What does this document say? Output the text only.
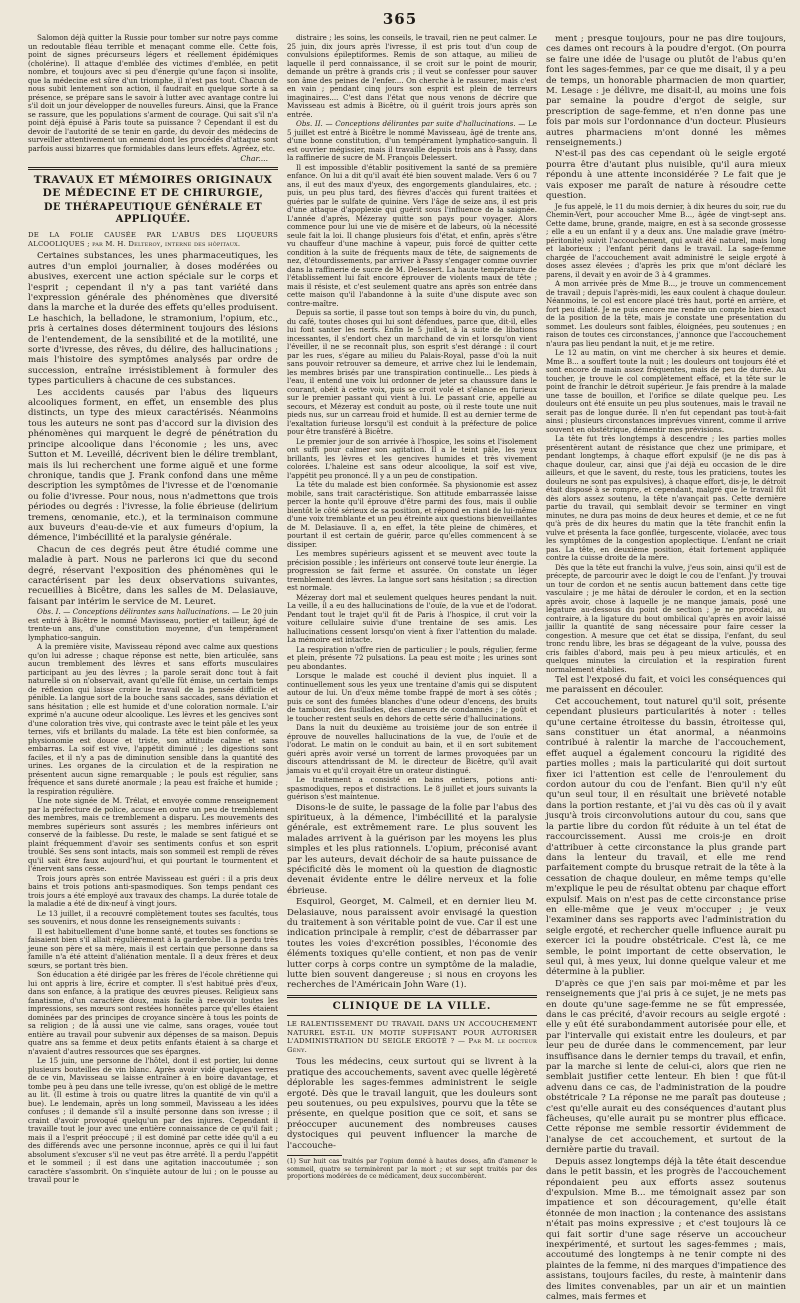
365

Salomon déjà quitter la Russie pour tomber sur notre pays comme un redoutable fléau terrible et menaçant comme elle. Cette fois, point de signes précurseurs légers et réellement épidémiques (cholérine). Il attaque d'emblée des victimes d'emblée, en petit nombre, et toujours avec si peu d'énergie qu'une façon si insolite, que la médecine est sûre d'un triomphe, il n'est pas tout. Chacun de nous subit lentement son action, il faudrait en quelque sorte à sa présence, se prépare sans le savoir à lutter avec avantage contre lui s'il doit un jour développer de nouvelles fureurs. Ainsi, que la France se rassure, que les populations s'arment de courage. Qui sait s'il n'a point déjà épuisé à Paris toute sa puissance ? Cependant il est du devoir de l'autorité de se tenir en garde, du devoir des médecins de surveiller attentivement un ennemi dont les procédés d'attaque sont parfois aussi bizarres que formidables dans leurs effets. Agréez, etc.

Char....
TRAVAUX ET MÉMOIRES ORIGINAUX DE MÉDECINE ET DE CHIRURGIE,
DE THÉRAPEUTIQUE GÉNÉRALE ET APPLIQUÉE.
DE LA FOLIE CAUSÉE PAR L'ABUS DES LIQUEURS ALCOOLIQUES ; par M. H. Delteroy, interne des hôpitaux.

Certaines substances, les unes pharmaceutiques, les autres d'un emploi journalier, à doses modérées ou abusives, exercent une action spéciale sur le corps et l'esprit ; cependant il n'y a pas tant variété dans l'expression générale des phénomènes que diversité dans la marche et la durée des effets qu'elles produisent. Le haschich, la belladone, le stramonium, l'opium, etc., pris à certaines doses déterminent toujours des lésions de l'entendement, de la sensibilité et de la motilité, une sorte d'ivresse, des rêves, du délire, des hallucinations ; mais l'histoire des symptômes analysés par ordre de succession, entraîne irrésistiblement à formuler des types particuliers à chacune de ces substances.

Les accidents causés par l'abus des liqueurs alcooliques forment, en effet, un ensemble des plus distincts, un type des mieux caractérisés. Néanmoins tous les auteurs ne sont pas d'accord sur la division des phénomènes qui marquent le degré de pénétration du principe alcoolique dans l'économie ; les uns, avec Sutton et M. Leveillé, décrivent bien le délire tremblant, mais ils lui recherchent une forme aiguë et une forme chronique, tandis que J. Frank confond dans une même description les symptômes de l'ivresse et de l'œnomanie ou folie d'ivresse. Pour nous, nous n'admettons que trois périodes ou degrés : l'ivresse, la folie ébrieuse (delirium tremens, œnomanie, etc.), et la terminaison commune aux buveurs d'eau-de-vie et aux fumeurs d'opium, la démence, l'imbécillité et la paralysie générale.

Chacun de ces degrés peut être étudié comme une maladie à part. Nous ne parlerons ici que du second degré, réservant l'exposition des phénomènes qui le caractérisent par les deux observations suivantes, recueillies à Bicêtre, dans les salles de M. Delasiauve, faisant par intérim le service de M. Leuret.

Obs. I. — Conceptions délirantes sans hallucinations. — Le 20 juin est entré à Bicêtre le nommé Mavisseau, portier et tailleur, âgé de trente-un ans, d'une constitution moyenne, d'un tempérament lymphatico-sanguin.

A la première visite, Mavisseau répond avec calme aux questions qu'on lui adresse ; chaque réponse est nette, bien articulée, sans aucun tremblement des lèvres et sans efforts musculaires participant au jeu des lèvres ; la parole serait donc tout à fait naturelle si on n'observait, avant qu'elle fût émise, un certain temps de réflexion qui laisse croire le travail de la pensée difficile et pénible. La langue sort de la bouche sans saccades, sans déviation et sans hésitation ; elle est humide et d'une coloration normale. L'air exprimé n'a aucune odeur alcoolique. Les lèvres et les gencives sont d'une coloration très vive, qui contraste avec le teint pâle et les yeux ternes, vifs et brillants du malade. La tête est bien conformée, sa physionomie est douce et triste, son attitude calme et sans embarras. La soif est vive, l'appétit diminué ; les digestions sont faciles, et il n'y a pas de diminution sensible dans la quantité des urines. Les organes de la circulation et de la respiration ne présentent aucun signe remarquable ; le pouls est régulier, sans fréquence et sans dureté anormale ; la peau est fraîche et humide ; la respiration régulière.

Une note signée de M. Trélat, et envoyée comme renseignement par la préfecture de police, accuse en outre un peu de tremblement des membres, mais ce tremblement a disparu. Les mouvements des membres supérieurs sont assurés ; les membres inférieurs ont conservé de la faiblesse. Du reste, le malade se sent fatigué et se plaint fréquemment d'avoir ses sentiments confus et son esprit troublé. Ses sens sont intacts, mais son sommeil est rempli de rêves qu'il sait être faux aujourd'hui, et qui pourtant le tourmentent et l'énervent sans cesse.

Trois jours après son entrée Mavisseau est guéri : il a pris deux bains et trois potions anti-spasmodiques. Son temps pendant ces trois jours a été employé aux travaux des champs. La durée totale de la maladie a été de dix-neuf à vingt jours.

Le 13 juillet, il a recouvré complètement toutes ses facultés, tous ses souvenirs, et nous donne les renseignements suivants :

Il est habituellement d'une bonne santé, et toutes ses fonctions se faisaient bien s'il allait régulièrement à la garderobe. Il a perdu très jeune son père et sa mère, mais il est certain que personne dans sa famille n'a été atteint d'aliénation mentale. Il a deux frères et deux sœurs, se portant très bien.

Son éducation a été dirigée par les frères de l'école chrétienne qui lui ont appris à lire, écrire et compter. Il s'est habitué près d'eux, dans son enfance, à la pratique des œuvres pieuses. Religieux sans fanatisme, d'un caractère doux, mais facile à recevoir toutes les impressions, ses mœurs sont restées honnêtes parce qu'elles étaient dominées par des principes de croyance sincère à tous les points de sa religion ; de là aussi une vie calme, sans orages, vouée tout entière au travail pour subvenir aux dépenses de sa maison. Depuis quatre ans sa femme et deux petits enfants étaient à sa charge et n'avaient d'autres ressources que ses épargnes.

Le 15 juin, une personne de l'hôtel, dont il est portier, lui donne plusieurs bouteilles de vin blanc. Après avoir vidé quelques verres de ce vin, Mavisseau se laisse entraîner à en boire davantage, et tombe peu à peu dans une telle ivresse, qu'on est obligé de le mettre au lit. (Il estime à trois ou quatre litres la quantité de vin qu'il a bue). Le lendemain, après un long sommeil, Mavisseau a les idées confuses ; il demande s'il a insulté personne dans son ivresse ; il craint d'avoir provoqué quelqu'un par des injures. Cependant il travaille tout le jour avec une entière connaissance de ce qu'il fait ; mais il a l'esprit préoccupé ; il est dominé par cette idée qu'il a eu des différends avec une personne inconnue, après ce qui il lui faut absolument s'excuser s'il ne veut pas être arrêté. Il a perdu l'appétit et le sommeil ; il est dans une agitation inaccoutumée ; son caractère s'assombrit. On s'inquiète autour de lui ; on le pousse au travail pour le

distraire ; les soins, les conseils, le travail, rien ne peut calmer. Le 25 juin, dix jours après l'ivresse, il est pris tout d'un coup de convulsions épileptiformes. Remis de son attaque, au milieu de laquelle il perd connaissance, il se croit sur le point de mourir, demande un prêtre à grands cris ; il veut se confesser pour sauver son âme des peines de l'enfer.... On cherche à le rassurer, mais c'est en vain ; pendant cinq jours son esprit est plein de terreurs imaginaires.... C'est dans l'état que nous venons de décrire que Mavisseau est admis à Bicêtre, où il guérit trois jours après son entrée.

Obs. II. — Conceptions délirantes par suite d'hallucinations. — Le 5 juillet est entré à Bicêtre le nommé Mavisseau, âgé de trente ans, d'une bonne constitution, d'un tempérament lymphatico-sanguin. Il est ouvrier mégissier, mais il travaille depuis trois ans à Passy, dans la raffinerie de sucre de M. François Delessert.

Il est impossible d'établir positivement la santé de sa première enfance. On lui a dit qu'il avait été bien souvent malade. Vers 6 ou 7 ans, il eut des maux d'yeux, des engorgements glandulaires, etc. ; puis, un peu plus tard, des fièvres d'accès qui furent traitées et guéries par le sulfate de quinine. Vers l'âge de seize ans, il est pris d'une attaque d'apoplexie qui guérit sous l'influence de la saignée. L'année d'après, Mézeray quitte son pays pour voyager. Alors commence pour lui une vie de misère et de labeurs, où la nécessité seule fait la loi. Il change plusieurs fois d'état, et enfin, après s'être vu chauffeur d'une machine à vapeur, puis forcé de quitter cette condition à la suite de fréquents maux de tête, de saignements de nez, d'étourdissements, par arriver à Passy s'engager comme ouvrier dans la raffinerie de sucre de M. Delessert. La haute température de l'établissement lui fait encore éprouver de violents maux de tête ; mais il résiste, et c'est seulement quatre ans après son entrée dans cette maison qu'il l'abandonne à la suite d'une dispute avec son contre-maître.

Depuis sa sortie, il passe tout son temps à boire du vin, du punch, du café, toutes choses qui lui sont défendues, parce que, dit-il, elles lui font santer les nerfs. Enfin le 5 juillet, à la suite de libations incessantes, il s'endort chez un marchand de vin et lorsqu'on vient l'éveiller, il ne se reconnaît plus, son esprit s'est dérangé : il court par les rues, s'égare au milieu du Palais-Royal, passe d'où la nuit sans pouvoir retrouver sa demeure, et arrive chez lui le lendemain, les membres brisés par une transpiration continuelle... Les pieds à l'eau, il entend une voix lui ordonner de jeter sa chaussure dans le courant, obéit à cette voix, puis se croit volé et s'élance en furieux sur le premier passant qui vient à lui. Le passant crie, appelle au secours, et Mézeray est conduit au poste, où il reste toute une nuit pieds nus, sur un carreau froid et humide. Il est au dernier terme de l'exaltation furieuse lorsqu'il est conduit à la préfecture de police pour être transféré à Bicêtre.

Le premier jour de son arrivée à l'hospice, les soins et l'isolement ont suffi pour calmer son agitation. Il a le teint pâle, les yeux brillants, les lèvres et les gencives humides et très vivement colorées. L'haleine est sans odeur alcoolique, la soif est vive, l'appétit peu prononcé. Il y a un peu de constipation.

La tête du malade est bien conformée. Sa physionomie est assez mobile, sans trait caractéristique. Son attitude embarrassée laisse percer la honte qu'il éprouve d'être parmi des fous, mais il oublie bientôt le côté sérieux de sa position, et répond en riant de lui-même d'une voix tremblante et un peu étreinte aux questions bienveillantes de M. Delasiauve. Il a, en effet, la tête pleine de chimères, et pourtant il est certain de guérir, parce qu'elles commencent à se dissiper.

Les membres supérieurs agissent et se meuvent avec toute la précision possible ; les inférieurs ont conservé toute leur énergie. La progression se fait ferme et assurée. On constate un léger tremblement des lèvres. La langue sort sans hésitation ; sa direction est normale.

Mézeray dort mal et seulement quelques heures pendant la nuit. La veille, il a eu des hallucinations de l'ouïe, de la vue et de l'odorat. Pendant tout le trajet qu'il fit de Paris à l'hospice, il crut voir la voiture cellulaire suivie d'une trentaine de ses amis. Les hallucinations cessent lorsqu'on vient à fixer l'attention du malade. La mémoire est intacte.

La respiration n'offre rien de particulier ; le pouls, régulier, ferme et plein, présente 72 pulsations. La peau est moite ; les urines sont peu abondantes.

Lorsque le malade est couché il devient plus inquiet. Il a continuellement sous les yeux une trentaine d'amis qui se disputent autour de lui. Un d'eux même tombe frappé de mort à ses côtés ; puis ce sont des fumées blanches d'une odeur d'encens, des bruits de tambour, des fusillades, des clameurs de condamnés ; le goût et le toucher restent seuls en dehors de cette série d'hallucinations.

Dans la nuit du deuxième au troisième jour de son entrée il éprouve de nouvelles hallucinations de la vue, de l'ouïe et de l'odorat. Le matin on le conduit au bain, et il en sort subitement guéri après avoir versé un torrent de larmes provoquées par un discours attendrissant de M. le directeur de Bicêtre, qu'il avait jamais vu et qu'il croyait être un orateur distingué.

Le traitement a consisté en bains entiers, potions anti-spasmodiques, repos et distractions. Le 8 juillet et jours suivants la guérison s'est maintenue.

Disons-le de suite, le passage de la folie par l'abus des spiritueux, à la démence, l'imbécillité et la paralysie générale, est extrêmement rare. Le plus souvent les malades arrivent à la guérison par les moyens les plus simples et les plus rationnels. L'opium, préconisé avant par les auteurs, devait déchoir de sa haute puissance de spécificité dès le moment où la question de diagnostic devenait évidente entre le délire nerveux et la folie ébrieuse.

Esquirol, Georget, M. Calmeil, et en dernier lieu M. Delasiauve, nous paraissent avoir envisagé la question du traitement à son véritable point de vue. Car il est une indication principale à remplir, c'est de débarrasser par toutes les voies d'excrétion possibles, l'économie des éléments toxiques qu'elle contient, et non pas de venir lutter corps à corps contre un symptôme de la maladie, lutte bien souvent dangereuse ; si nous en croyons les recherches de l'Américain John Ware (1).

CLINIQUE DE LA VILLE.
LE RALENTISSEMENT DU TRAVAIL DANS UN ACCOUCHEMENT NATUREL EST-IL UN MOTIF SUFFISANT POUR AUTORISER L'ADMINISTRATION DU SEIGLE ERGOTÉ ? — Par M. le docteur Gény.

Tous les médecins, ceux surtout qui se livrent à la pratique des accouchements, savent avec quelle légèreté déplorable les sages-femmes administrent le seigle ergoté. Dès que le travail languit, que les douleurs sont peu soutenues, ou peu expulsives, pourvu que la tête se présente, en quelque position que ce soit, et sans se préoccuper aucunement des nombreuses causes dystociques qui peuvent influencer la marche de l'accouche-

(1) Sur huit cas traités par l'opium donné à hautes doses, afin d'amener le sommeil, quatre se terminèrent par la mort ; et sur sept traités par des proportions modérées de ce médicament, deux succombèrent.

ment ; presque toujours, pour ne pas dire toujours, ces dames ont recours à la poudre d'ergot. (On pourra se faire une idée de l'usage ou plutôt de l'abus qu'en font les sages-femmes, par ce que me disait, il y a peu de temps, un honorable pharmacien de mon quartier, M. Lesage : je délivre, me disait-il, au moins une fois par semaine la poudre d'ergot de seigle, sur prescription de sage-femme, et n'en donne pas une fois par mois sur l'ordonnance d'un docteur. Plusieurs autres pharmaciens m'ont donné les mêmes renseignements.)

N'est-il pas des cas cependant où le seigle ergoté pourra être d'autant plus nuisible, qu'il aura mieux répondu à une attente inconsidérée ? Le fait que je vais exposer me paraît de nature à résoudre cette question.

Je fus appelé, le 11 du mois dernier, à dix heures du soir, rue du Chemin-Vert, pour accoucher Mme B..., âgée de vingt-sept ans. Cette dame, brune, grande, maigre, en est à sa seconde grossesse ; elle a eu un enfant il y a deux ans. Une maladie grave (métro-péritonite) suivit l'accouchement, qui avait été naturel, mais long et laborieux ; l'enfant périt dans le travail. La sage-femme chargée de l'accouchement avait administré le seigle ergoté à doses assez élevées ; d'après les prix que m'ont déclaré les parens, il devait y en avoir de 3 à 4 grammes.

A mon arrivée près de Mme B..., je trouve un commencement de travail ; depuis l'après-midi, les eaux coulent à chaque douleur. Néanmoins, le col est encore placé très haut, porté en arrière, et fort peu dilaté. Je ne puis encore me rendre un compte bien exact de la position de la tête, mais je constate une présentation du sommet. Les douleurs sont faibles, éloignées, peu soutenues ; en raison de toutes ces circonstances, j'annonce que l'accouchement n'aura pas lieu pendant la nuit, et je me retire.

Le 12 au matin, on vint me chercher à six heures et demie. Mme B... a souffert toute la nuit ; les douleurs ont toujours été et sont encore de main assez fréquentes, mais de peu de durée. Au toucher, je trouve le col complètement effacé, et la tête sur le point de franchir le détroit supérieur. Je fais prendre à la malade une tasse de bouillon, et l'orifice se dilate quelque peu. Les douleurs ont été ensuite un peu plus soutenues, mais le travail ne serait pas de longue durée. Il n'en fut cependant pas tout-à-fait ainsi ; plusieurs circonstances imprévues vinrent, comme il arrive souvent en obstétrique, démentir mes prévisions.

La tête fut très longtemps à descendre ; les parties molles présentèrent autant de résistance que chez une primipare, et pendant longtemps, à chaque effort expulsif (je ne dis pas à chaque douleur, car, ainsi que j'ai déjà eu occasion de le dire ailleurs, et que le savent, du reste, tous les praticiens, toutes les douleurs ne sont pas expulsives), à chaque effort, dis-je, le détroit était disposé à se rompre, et cependant, malgré que le travail fût dès alors assez soutenu, la tête n'avançait pas. Cette dernière partie du travail, qui semblait devoir se terminer en vingt minutes, ne dura pas moins de deux heures et demie, et ce ne fut qu'à près de dix heures du matin que la tête franchit enfin la vulve et présenta la face gonflée, turgescente, violacée, avec tous les symptômes de la congestion apoplectique. L'enfant ne criait pas. La tête, en deuxième position, était fortement appliquée contre la cuisse droite de la mère.

Dès que la tête eut franchi la vulve, j'eus soin, ainsi qu'il est de précepte, de parcourir avec le doigt le cou de l'enfant. J'y trouvai un tour de cordon et ne sentis aucun battement dans cette tige vasculaire ; je me hâtai de dérouler le cordon, et en la section après avoir, chose à laquelle je ne manque jamais, posé une légature au-dessous du point de section ; je ne procédai, au contraire, à la ligature du bout ombilical qu'après en avoir laissé jaillir la quantité de sang nécessaire pour faire cesser la congestion. A mesure que cet état se dissipa, l'enfant, du seul tronc rendu libre, les bras se dégageant de la vulve, poussa des cris faibles d'abord, mais peu à peu mieux articulés, et en quelques minutes la circulation et la respiration furent normalement établies.

Tel est l'exposé du fait, et voici les conséquences qui me paraissent en découler.

Cet accouchement, tout naturel qu'il soit, présente cependant plusieurs particularités à noter : telles qu'une certaine étroitesse du bassin, étroitesse qui, sans constituer un état anormal, a néanmoins contribué à ralentir la marche de l'accouchement, effet auquel a également concouru la rigidité des parties molles ; mais la particularité qui doit surtout fixer ici l'attention est celle de l'enroulement du cordon autour du cou de l'enfant. Bien qu'il n'y eût qu'un seul tour, il en résultait une brièveté notable dans la portion restante, et j'ai vu dès cas où il y avait jusqu'à trois circonvolutions autour du cou, sans que la partie libre du cordon fût réduite à un tel état de raccourcissement. Aussi me crois-je en droit d'attribuer à cette circonstance la plus grande part dans la lenteur du travail, et elle me rend parfaitement compte du brusque retrait de la tête à la cessation de chaque douleur, en même temps qu'elle m'explique le peu de résultat obtenu par chaque effort expulsif. Mais on n'est pas de cette circonstance prise en elle-même que je veux m'occuper ; je veux l'examiner dans ses rapports avec l'administration du seigle ergoté, et rechercher quelle influence aurait pu exercer ici la poudre obstétricale. C'est là, ce me semble, le point important de cette observation, le seul qui, à mes yeux, lui donne quelque valeur et me détermine à la publier.

D'après ce que j'en sais par moi-même et par les renseignements que j'ai pris à ce sujet, je ne mets pas en doute qu'une sage-femme ne se fût empressée, dans le cas précité, d'avoir recours au seigle ergoté : elle y eût été surabondamment autorisée pour elle, et par l'intervalle qui existait entre les douleurs, et par leur peu de durée dans le commencement, par leur insuffisance dans le dernier temps du travail, et enfin, par la marche si lente de celui-ci, alors que rien ne semblait justifier cette lenteur. Eh bien ! que fût-il advenu dans ce cas, de l'administration de la poudre obstétricale ? La réponse ne me paraît pas douteuse ; c'est qu'elle aurait eu des conséquences d'autant plus fâcheuses, qu'elle aurait pu se montrer plus efficace. Cette réponse me semble ressortir évidemment de l'analyse de cet accouchement, et surtout de la dernière partie du travail.

Depuis assez longtemps déjà la tête était descendue dans le petit bassin, et les progrès de l'accouchement répondaient peu aux efforts assez soutenus d'expulsion. Mme B... me témoignait assez par son impatience et son découragement, qu'elle était étonnée de mon inaction ; la contenance des assistans n'était pas moins expressive ; et c'est toujours là ce qui fait sortir d'une sage réserve un accoucheur inexpérimenté, et surtout les sages-femmes ; mais, accoutumé des longtemps à ne tenir compte ni des plaintes de la femme, ni des marques d'impatience des assistans, toujours faciles, du reste, à maintenir dans des limites convenables, par un air et un maintien calmes, mais fermes et
